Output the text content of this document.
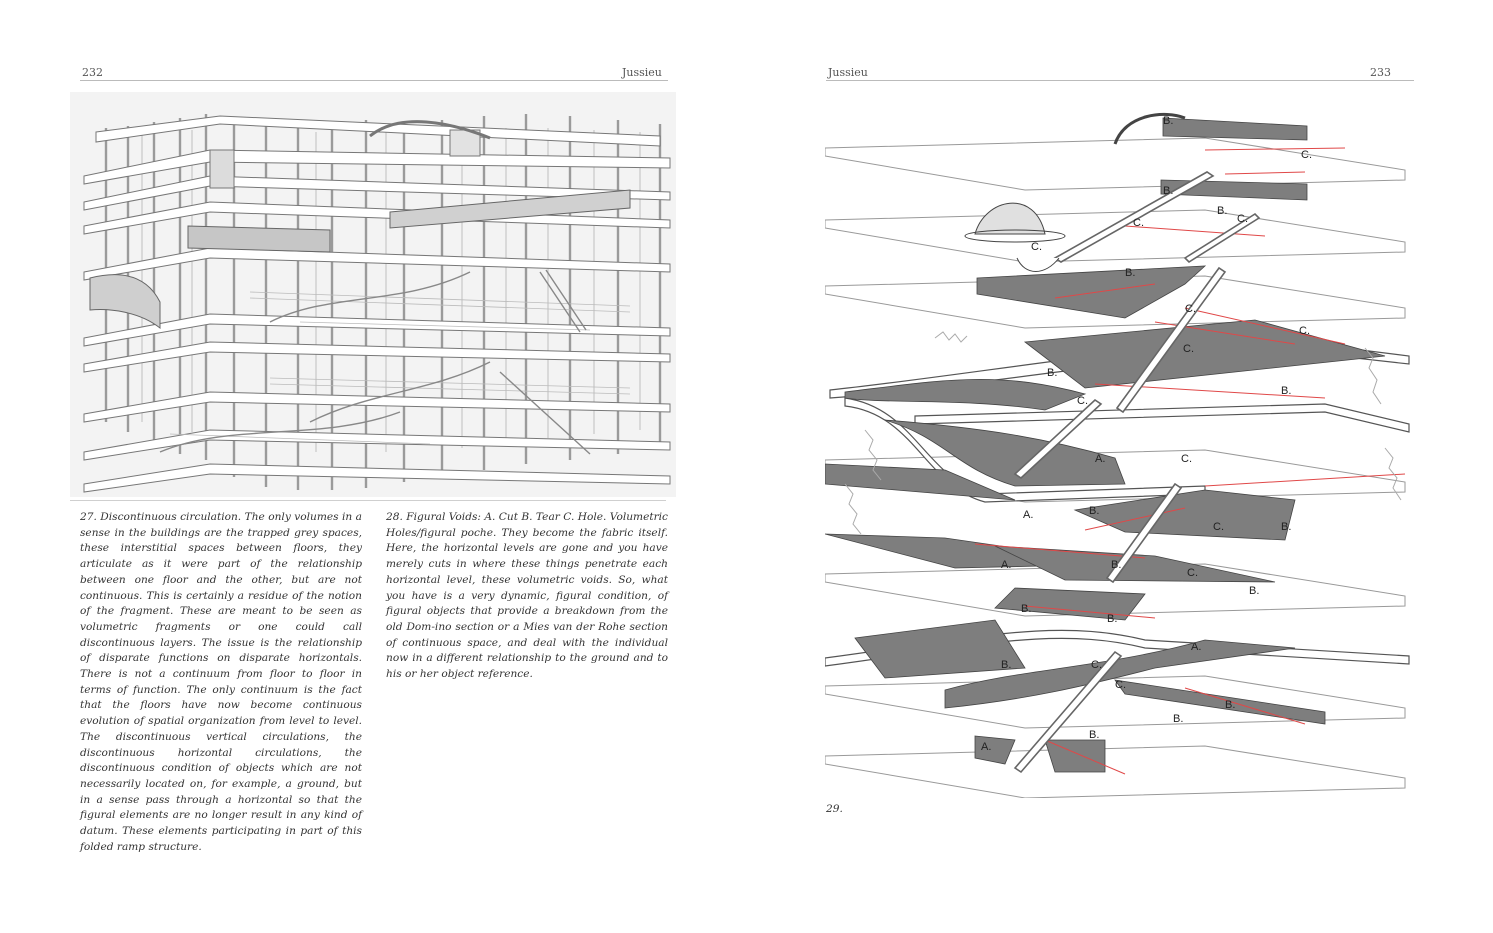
232	Jussieu
27. Discontinuous circulation. The only volumes in a sense in the buildings are the trapped grey spaces, these interstitial spaces between floors, they articulate as it were part of the relationship between one floor and the other, but are not continuous. This is certainly a residue of the notion of the fragment. These are meant to be seen as volumetric fragments or one could call discontinuous layers. The issue is the relationship of disparate functions on disparate horizontals. There is not a continuum from floor to floor in terms of function. The only continuum is the fact that the floors have now become continuous evolution of spatial organization from level to level. The discontinuous vertical circulations, the discontinuous horizontal circulations, the discontinuous condition of objects which are not necessarily located on, for example, a ground, but in a sense pass through a horizontal so that the figural elements are no longer result in any kind of datum. These elements participating in part of this folded ramp structure.
28. Figural Voids: A. Cut B. Tear C. Hole. Volumetric Holes/figural poche. They become the fabric itself. Here, the horizontal levels are gone and you have merely cuts in where these things penetrate each horizontal level, these volumetric voids. So, what you have is a very dynamic, figural condition, of figural objects that provide a breakdown from the old Dom-ino section or a Mies van der Rohe section of continuous space, and deal with the individual now in a different relationship to the ground and to his or her object reference.
Jussieu	233
B.
C.
B.
B.
C.	C.
C.
B.
C.
C.
C.
B.
B.
C.
A.	C.
A.	B.
C.	B.
A.	B.
C.
B.
B.
B.
A.
B.	C.
C.
B.
B.
B.
A.
29.
